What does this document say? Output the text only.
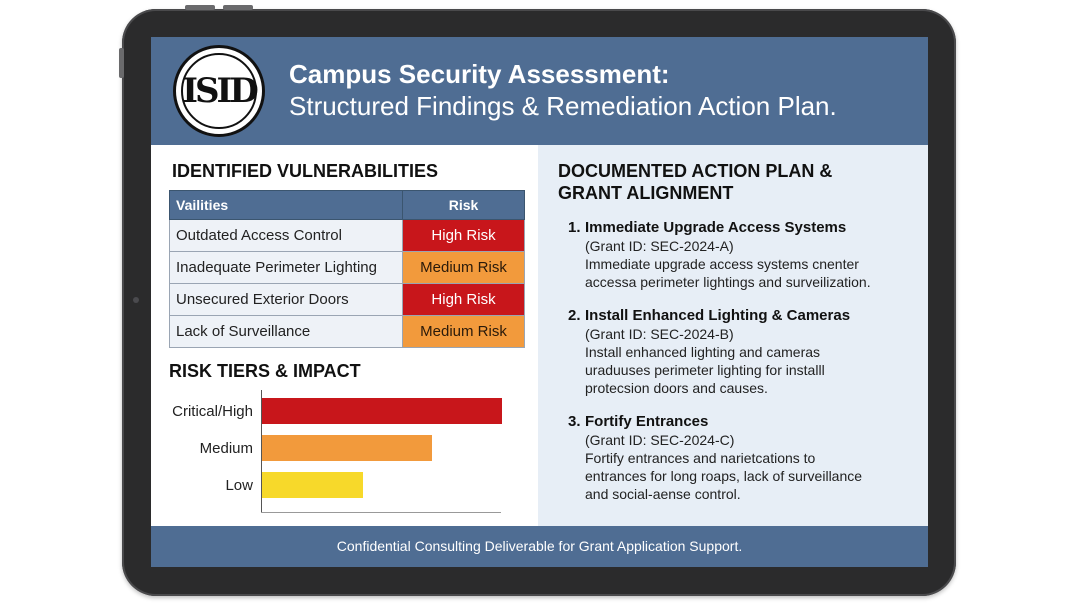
ISID Campus Security Assessment:
Structured Findings & Remediation Action Plan.
IDENTIFIED VULNERABILITIES
Vailities	Risk
Outdated Access Control	High Risk
Inadequate Perimeter Lighting	Medium Risk
Unsecured Exterior Doors	High Risk
Lack of Surveillance	Medium Risk
RISK TIERS & IMPACT
Critical/High
Medium
Low
DOCUMENTED ACTION PLAN &
GRANT ALIGNMENT
1. Immediate Upgrade Access Systems
(Grant ID: SEC-2024-A)
Immediate upgrade access systems cnenter
accessa perimeter lightings and surveilization.
2. Install Enhanced Lighting & Cameras
(Grant ID: SEC-2024-B)
Install enhanced lighting and cameras
uraduuses perimeter lighting for installl
protecsion doors and causes.
3. Fortify Entrances
(Grant ID: SEC-2024-C)
Fortify entrances and narietcations to
entrances for long roaps, lack of surveillance
and social-aense control.
Confidential Consulting Deliverable for Grant Application Support.
